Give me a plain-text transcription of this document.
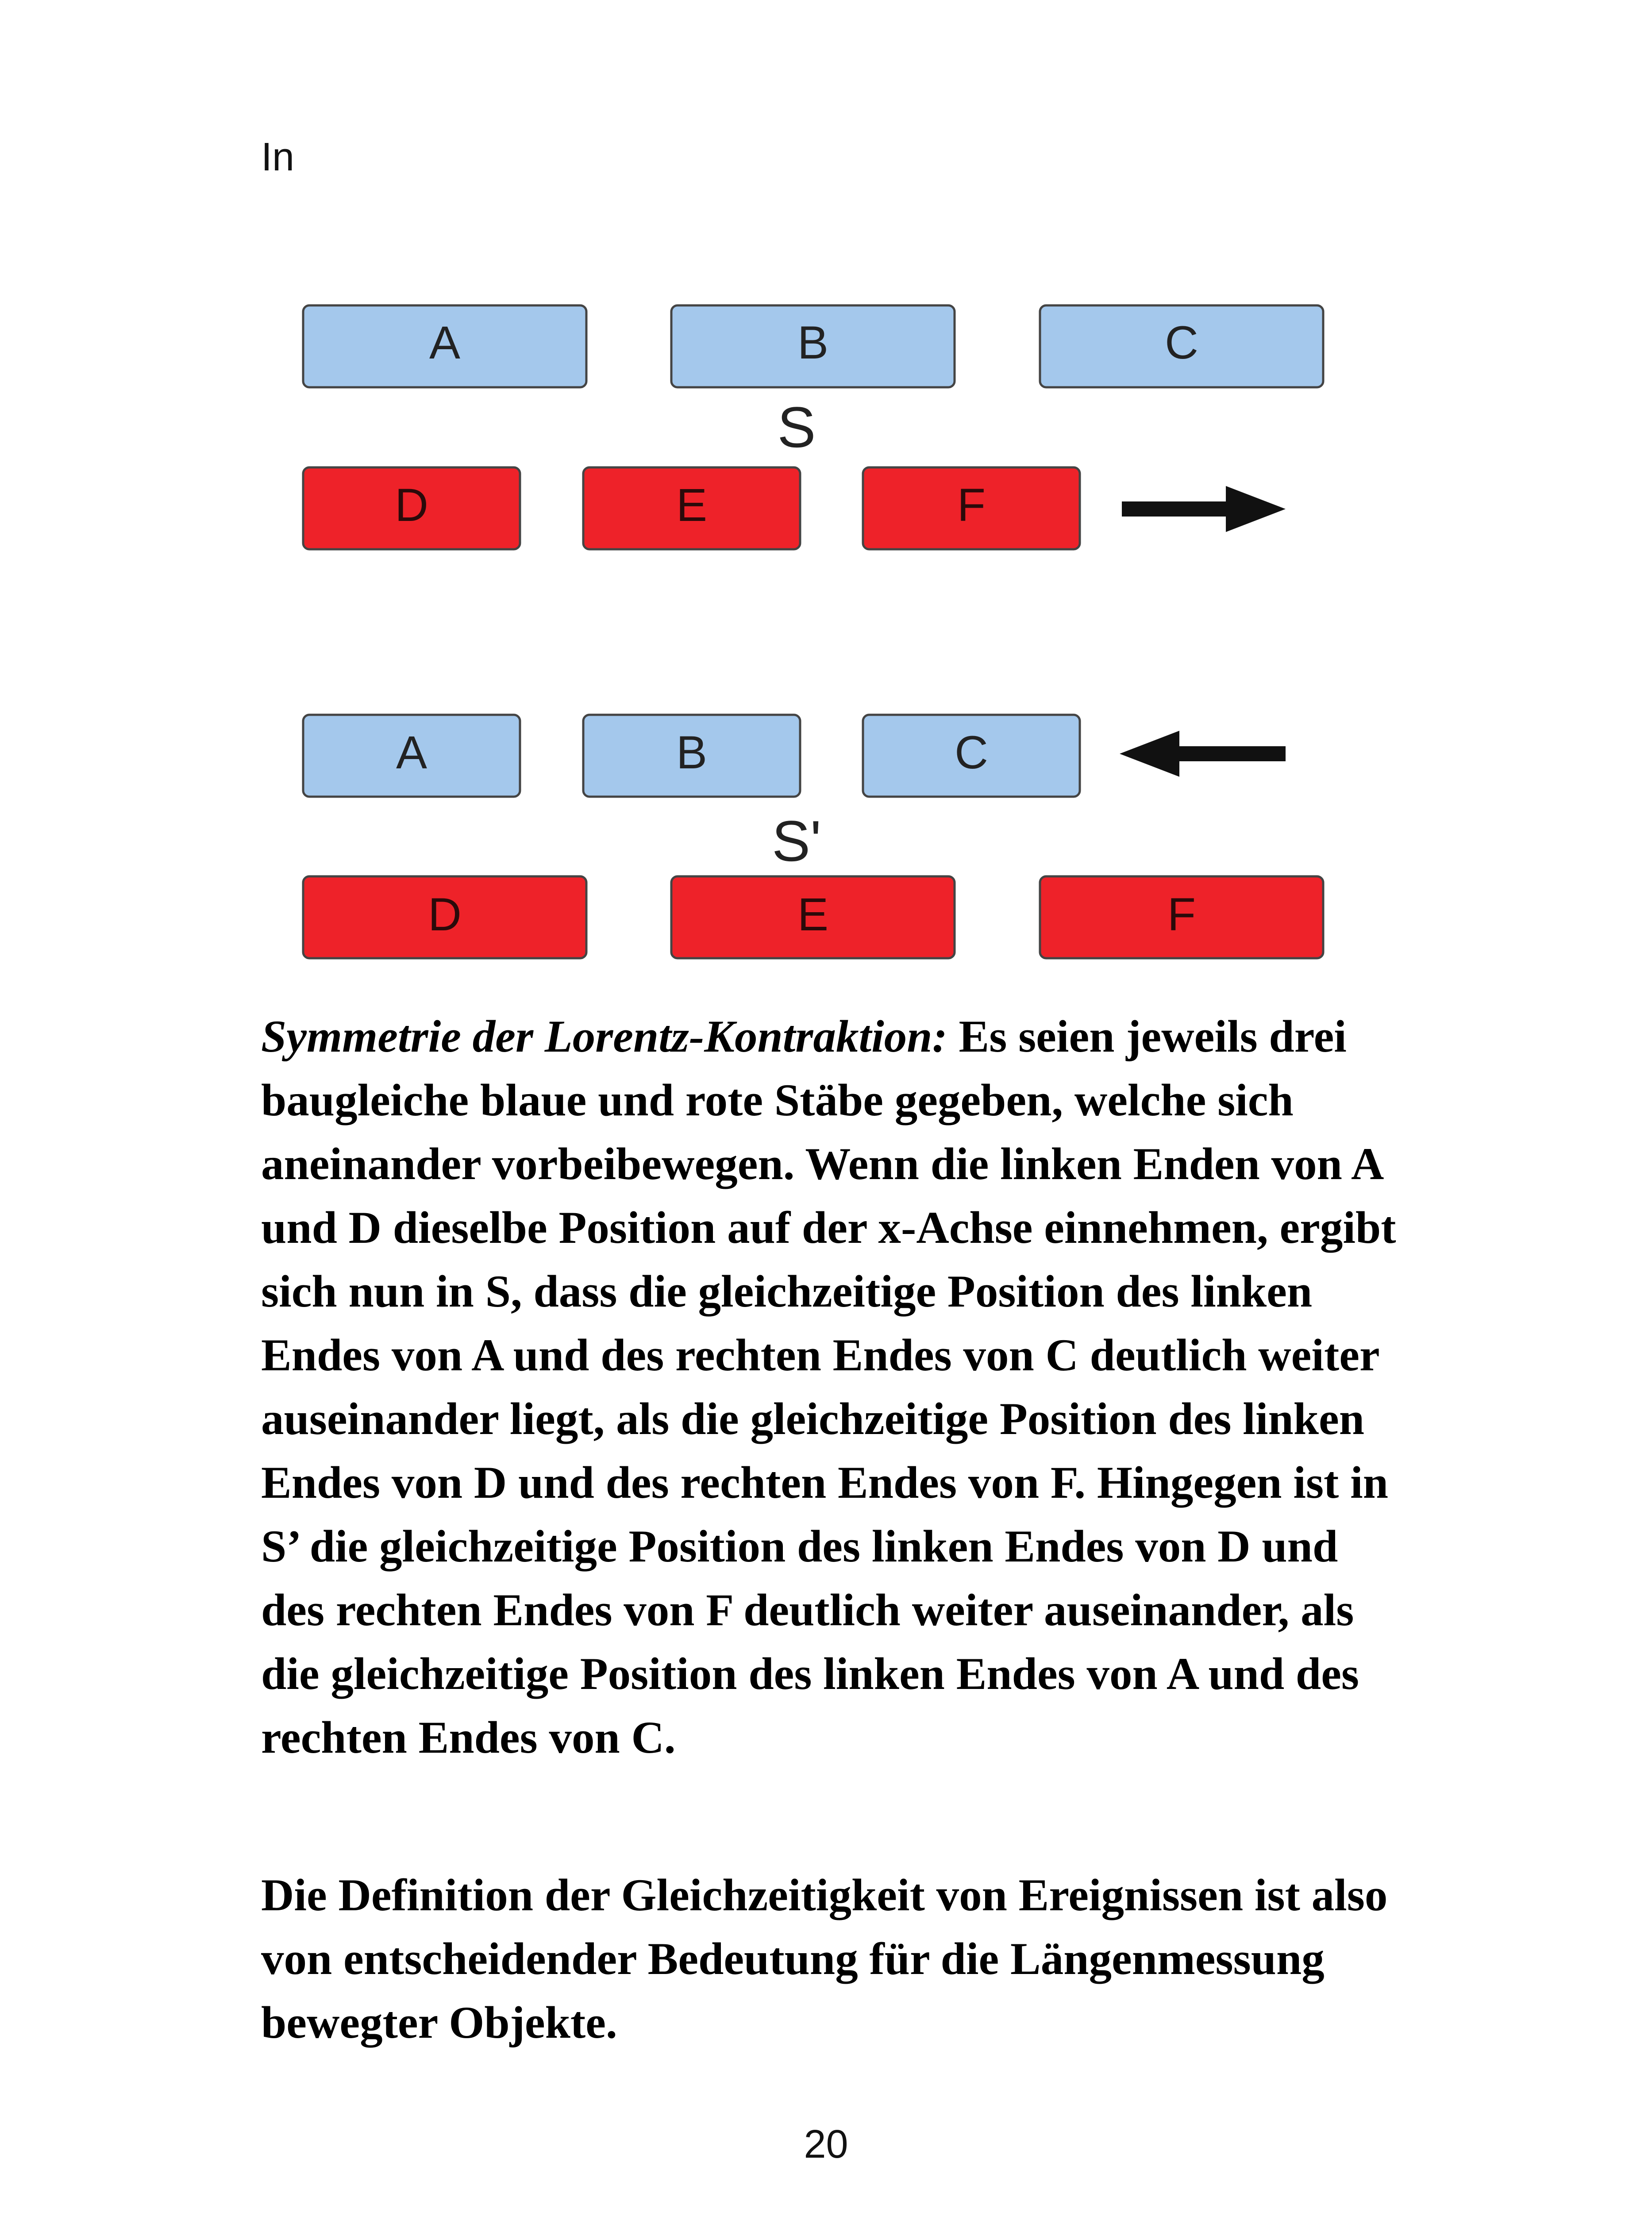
In
A	B	C
S
D	E	F
A	B	C
S'
D	E	F

Symmetrie der Lorentz-Kontraktion: Es seien jeweils drei baugleiche blaue und rote Stäbe gegeben, welche sich aneinander vorbeibewegen. Wenn die linken Enden von A und D dieselbe Position auf der x-Achse einnehmen, ergibt sich nun in S, dass die gleichzeitige Position des linken Endes von A und des rechten Endes von C deutlich weiter auseinander liegt, als die gleichzeitige Position des linken Endes von D und des rechten Endes von F. Hingegen ist in S’ die gleichzeitige Position des linken Endes von D und des rechten Endes von F deutlich weiter auseinander, als die gleichzeitige Position des linken Endes von A und des rechten Endes von C.

Die Definition der Gleichzeitigkeit von Ereignissen ist also von entscheidender Bedeutung für die Längenmessung bewegter Objekte.

20
